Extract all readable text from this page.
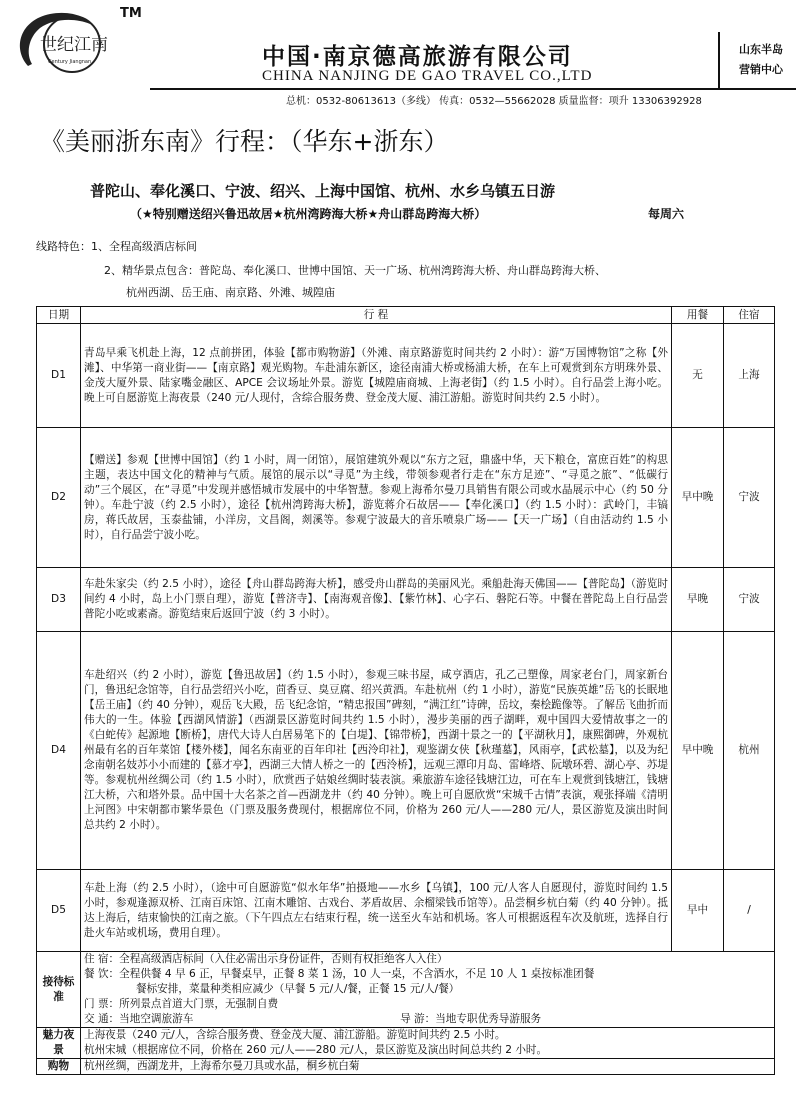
世纪江南
Century Jiangnan
TM
中国·南京德高旅游有限公司
CHINA NANJING DE GAO TRAVEL CO.,LTD
山东半岛
营销中心
总机：0532-80613613（多线） 传真：0532—55662028 质量监督：项升 13306392928
《美丽浙东南》行程：（华东+浙东）
普陀山、奉化溪口、宁波、绍兴、上海中国馆、杭州、水乡乌镇五日游
（★特别赠送绍兴鲁迅故居★杭州湾跨海大桥★舟山群岛跨海大桥）	每周六
线路特色：1、全程高级酒店标间
2、精华景点包含：普陀岛、奉化溪口、世博中国馆、天一广场、杭州湾跨海大桥、舟山群岛跨海大桥、
杭州西湖、岳王庙、南京路、外滩、城隍庙
日期	行 程	用餐	住宿
D1	青岛早乘飞机赴上海，12 点前拼团，体验【都市购物游】（外滩、南京路游览时间共约 2 小时）：游“万国博物馆”之称【外滩】、中华第一商业街——【南京路】观光购物。车赴浦东新区，途径南浦大桥或杨浦大桥，在车上可观赏到东方明珠外景、金茂大厦外景、陆家嘴金融区、APCE 会议场址外景。游览【城隍庙商城、上海老街】（约 1.5 小时）。自行品尝上海小吃。晚上可自愿游览上海夜景（240 元/人现付，含综合服务费、登金茂大厦、浦江游船。游览时间共约 2.5 小时）。	无	上海
D2	【赠送】参观【世博中国馆】（约 1 小时，周一闭馆），展馆建筑外观以“东方之冠，鼎盛中华，天下粮仓，富庶百姓”的构思主题，表达中国文化的精神与气质。展馆的展示以“寻觅”为主线，带领参观者行走在“东方足迹”、“寻觅之旅”、“低碳行动”三个展区，在“寻觅”中发现并感悟城市发展中的中华智慧。参观上海希尔曼刀具销售有限公司或水晶展示中心（约 50 分钟）。车赴宁波（约 2.5 小时），途径【杭州湾跨海大桥】，游览蒋介石故居——【奉化溪口】（约 1.5 小时）：武岭门，丰镐房，蒋氏故居，玉泰盐铺，小洋房，文昌阁，剡溪等。参观宁波最大的音乐喷泉广场——【天一广场】（自由活动约 1.5 小时），自行品尝宁波小吃。	早中晚	宁波
D3	车赴朱家尖（约 2.5 小时），途径【舟山群岛跨海大桥】，感受舟山群岛的美丽风光。乘船赴海天佛国——【普陀岛】（游览时间约 4 小时，岛上小门票自理），游览【普济寺】、【南海观音像】、【紫竹林】、心字石、磐陀石等。中餐在普陀岛上自行品尝普陀小吃或素斋。游览结束后返回宁波（约 3 小时）。	早晚	宁波
D4	车赴绍兴（约 2 小时），游览【鲁迅故居】（约 1.5 小时），参观三味书屋，咸亨酒店，孔乙己塑像，周家老台门，周家新台门，鲁迅纪念馆等，自行品尝绍兴小吃，茴香豆、臭豆腐、绍兴黄酒。车赴杭州（约 1 小时），游览“民族英雄”岳飞的长眠地【岳王庙】（约 40 分钟），观岳飞大殿，岳飞纪念馆，“精忠报国”碑刻，“满江红”诗碑，岳坟，秦桧跪像等。了解岳飞曲折而伟大的一生。体验【西湖风情游】（西湖景区游览时间共约 1.5 小时），漫步美丽的西子湖畔，观中国四大爱情故事之一的《白蛇传》起源地【断桥】，唐代大诗人白居易笔下的【白堤】、【锦带桥】，西湖十景之一的【平湖秋月】，康熙御碑，外观杭州最有名的百年菜馆【楼外楼】，闻名东南亚的百年印社【西泠印社】，观鉴湖女侠【秋瑾墓】，风雨亭，【武松墓】，以及为纪念南朝名妓苏小小而建的【慕才亭】，西湖三大情人桥之一的【西泠桥】，远观三潭印月岛、雷峰塔、阮墩环碧、湖心亭、苏堤等。参观杭州丝绸公司（约 1.5 小时），欣赏西子姑娘丝绸时装表演。乘旅游车途径钱塘江边，可在车上观赏到钱塘江，钱塘江大桥，六和塔外景。品中国十大名茶之首—西湖龙井（约 40 分钟）。晚上可自愿欣赏“宋城千古情”表演，观张择端《清明上河图》中宋朝都市繁华景色（门票及服务费现付，根据席位不同，价格为 260 元/人——280 元/人，景区游览及演出时间总共约 2 小时）。	早中晚	杭州
D5	车赴上海（约 2.5 小时），（途中可自愿游览“似水年华”拍摄地——水乡【乌镇】，100 元/人客人自愿现付，游览时间约 1.5 小时，参观逢源双桥、江南百床馆、江南木雕馆、古戏台、茅盾故居、余榴梁钱币馆等）。品尝桐乡杭白菊（约 40 分钟）。抵达上海后，结束愉快的江南之旅。（下午四点左右结束行程，统一送至火车站和机场。客人可根据返程车次及航班，选择自行赴火车站或机场，费用自理）。	早中	/
接待标准	住 宿：全程高级酒店标间（入住必需出示身份证件，否则有权拒绝客人入住）
餐 饮：全程供餐 4 早 6 正，早餐桌早，正餐 8 菜 1 汤，10 人一桌，不含酒水，不足 10 人 1 桌按标准团餐
餐标安排，菜量种类相应减少（早餐 5 元/人/餐，正餐 15 元/人/餐）
门 票：所列景点首道大门票，无强制自费
交 通：当地空调旅游车 导 游：当地专职优秀导游服务		

魅力夜景	上海夜景（240 元/人，含综合服务费、登金茂大厦、浦江游船。游览时间共约 2.5 小时。
杭州宋城（根据席位不同，价格在 260 元/人——280 元/人，景区游览及演出时间总共约 2 小时。		

购物	杭州丝绸，西湖龙井，上海希尔曼刀具或水晶，桐乡杭白菊		
